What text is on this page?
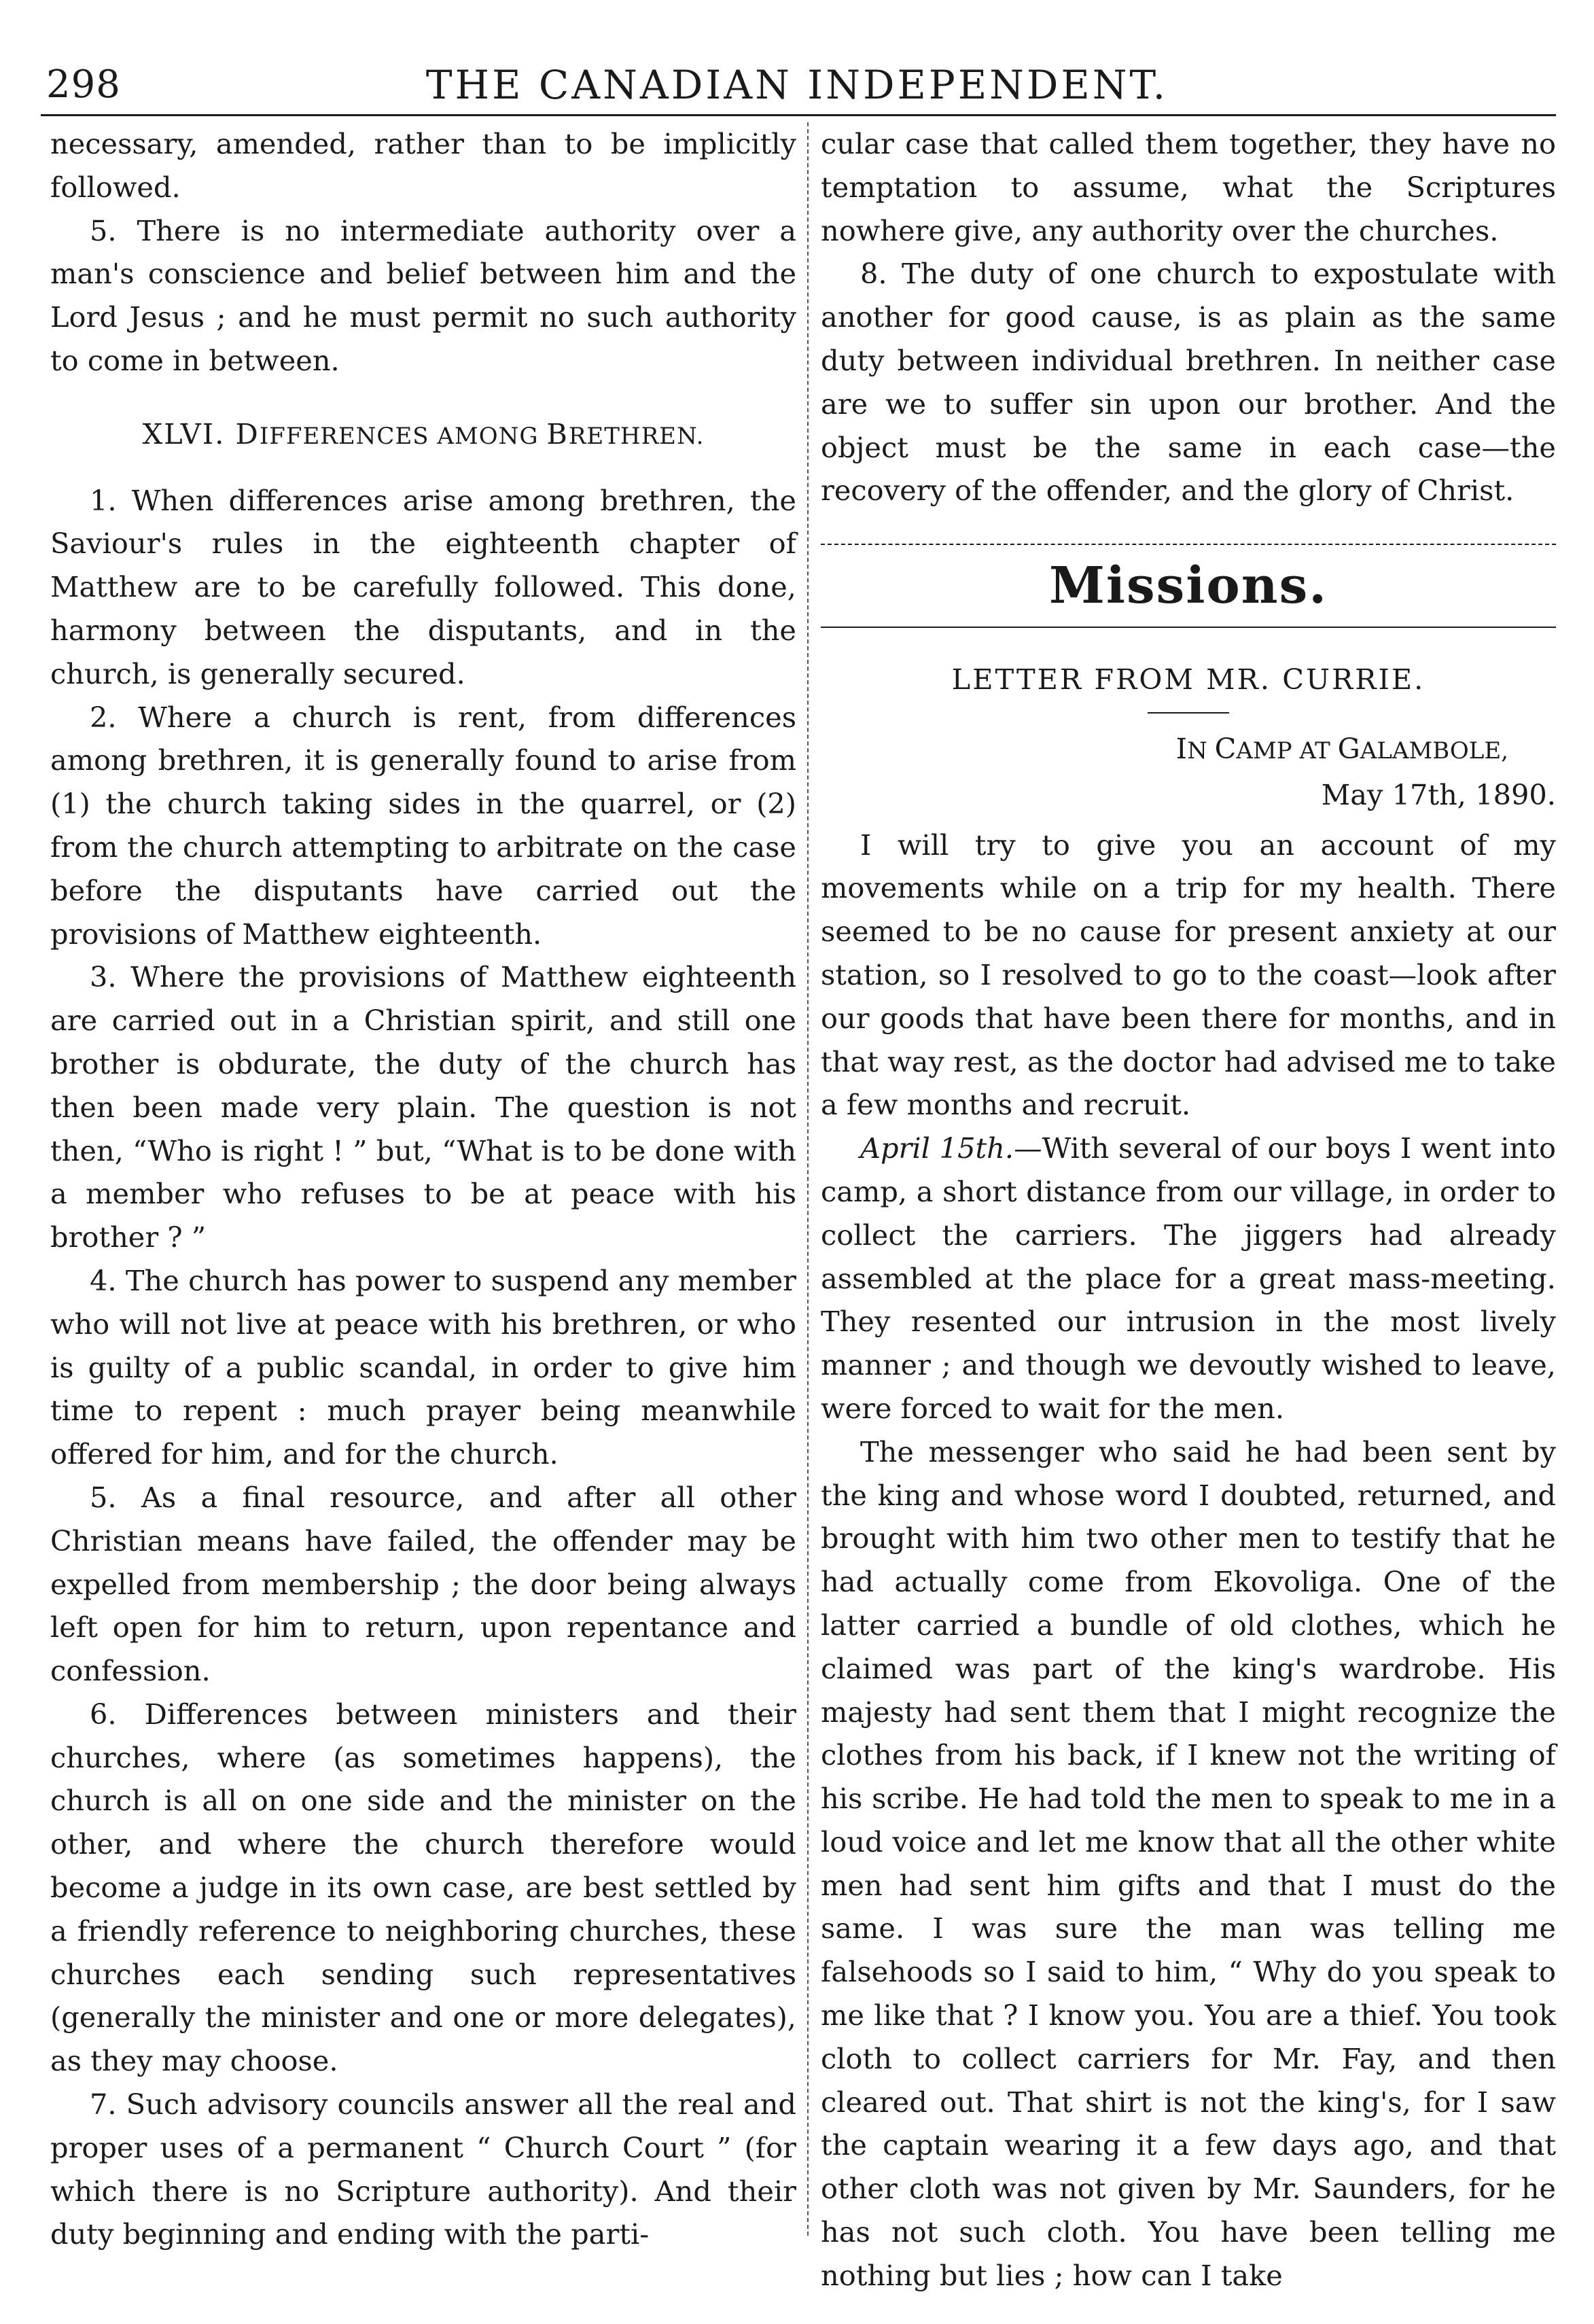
298	THE CANADIAN INDEPENDENT.

necessary, amended, rather than to be implicitly followed.

5. There is no intermediate authority over a man's conscience and belief between him and the Lord Jesus ; and he must permit no such authority to come in between.

XLVI. DIFFERENCES AMONG BRETHREN.

1. When differences arise among brethren, the Saviour's rules in the eighteenth chapter of Matthew are to be carefully followed. This done, harmony between the disputants, and in the church, is generally secured.

2. Where a church is rent, from differences among brethren, it is generally found to arise from (1) the church taking sides in the quarrel, or (2) from the church attempting to arbitrate on the case before the disputants have carried out the provisions of Matthew eighteenth.

3. Where the provisions of Matthew eighteenth are carried out in a Christian spirit, and still one brother is obdurate, the duty of the church has then been made very plain. The question is not then, “Who is right ! ” but, “What is to be done with a member who refuses to be at peace with his brother ? ”

4. The church has power to suspend any member who will not live at peace with his brethren, or who is guilty of a public scandal, in order to give him time to repent : much prayer being meanwhile offered for him, and for the church.

5. As a final resource, and after all other Christian means have failed, the offender may be expelled from membership ; the door being always left open for him to return, upon repentance and confession.

6. Differences between ministers and their churches, where (as sometimes happens), the church is all on one side and the minister on the other, and where the church therefore would become a judge in its own case, are best settled by a friendly reference to neighboring churches, these churches each sending such representatives (generally the minister and one or more delegates), as they may choose.

7. Such advisory councils answer all the real and proper uses of a permanent “ Church Court ” (for which there is no Scripture authority). And their duty beginning and ending with the parti-

cular case that called them together, they have no temptation to assume, what the Scriptures nowhere give, any authority over the churches.

8. The duty of one church to expostulate with another for good cause, is as plain as the same duty between individual brethren. In neither case are we to suffer sin upon our brother. And the object must be the same in each case—the recovery of the offender, and the glory of Christ.

Missions.
LETTER FROM MR. CURRIE.
IN CAMP AT GALAMBOLE,
May 17th, 1890.

I will try to give you an account of my movements while on a trip for my health. There seemed to be no cause for present anxiety at our station, so I resolved to go to the coast—look after our goods that have been there for months, and in that way rest, as the doctor had advised me to take a few months and recruit.

April 15th.—With several of our boys I went into camp, a short distance from our village, in order to collect the carriers. The jiggers had already assembled at the place for a great mass-meeting. They resented our intrusion in the most lively manner ; and though we devoutly wished to leave, were forced to wait for the men.

The messenger who said he had been sent by the king and whose word I doubted, returned, and brought with him two other men to testify that he had actually come from Ekovoliga. One of the latter carried a bundle of old clothes, which he claimed was part of the king's wardrobe. His majesty had sent them that I might recognize the clothes from his back, if I knew not the writing of his scribe. He had told the men to speak to me in a loud voice and let me know that all the other white men had sent him gifts and that I must do the same. I was sure the man was telling me falsehoods so I said to him, “ Why do you speak to me like that ? I know you. You are a thief. You took cloth to collect carriers for Mr. Fay, and then cleared out. That shirt is not the king's, for I saw the captain wearing it a few days ago, and that other cloth was not given by Mr. Saunders, for he has not such cloth. You have been telling me nothing but lies ; how can I take
